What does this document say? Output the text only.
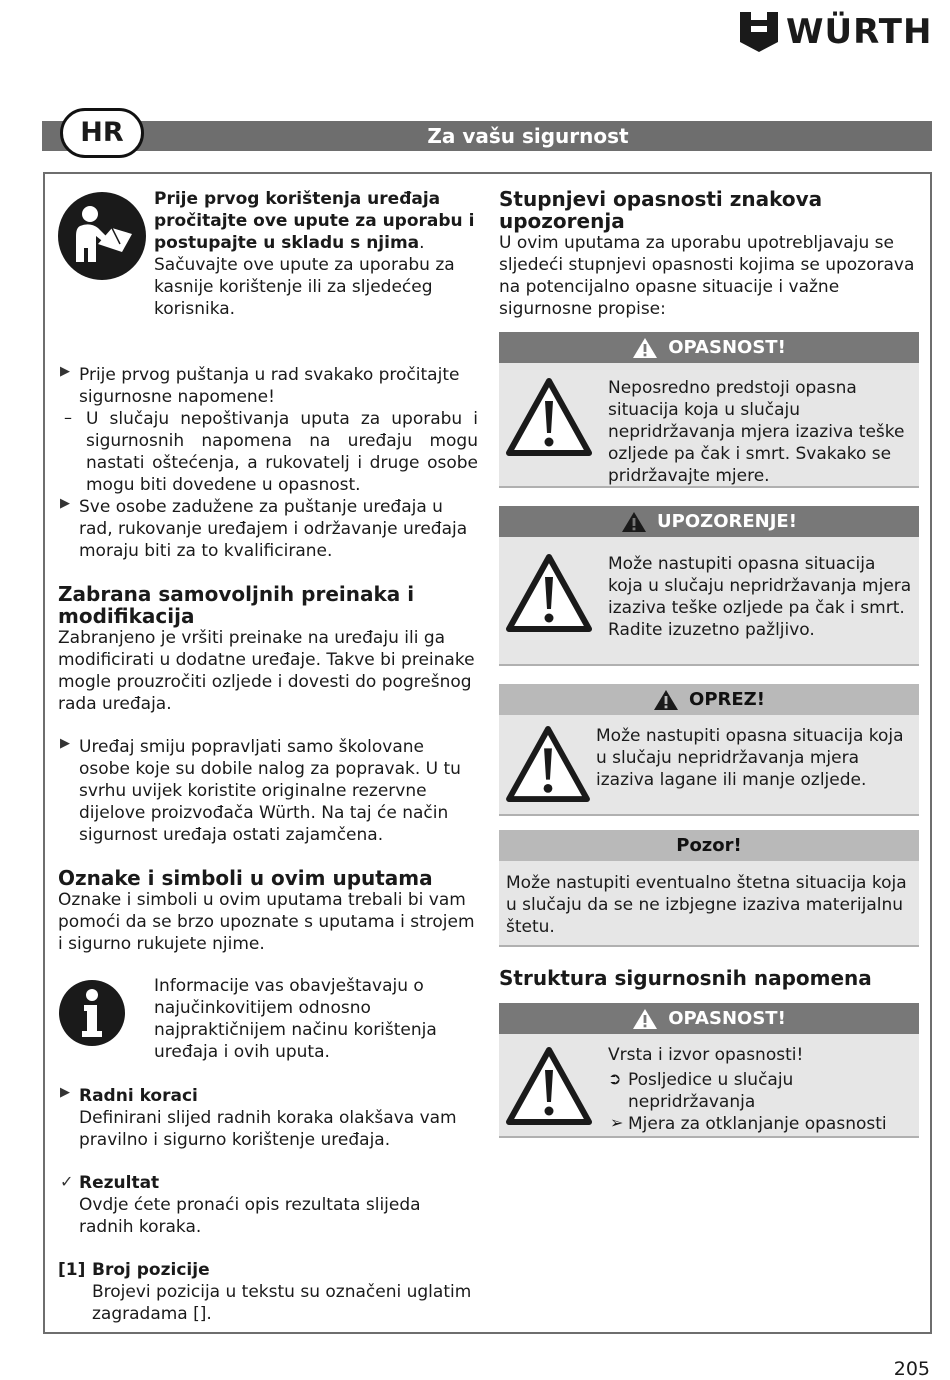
WÜRTH
Za vašu sigurnost
HR

Prije prvog korištenja uređaja pročitajte ove upute za uporabu i postupajte u skladu s njima

.

Sačuvajte ove upute za uporabu za kasnije korištenje ili za sljedećeg korisnika.

▶ Prije prvog puštanja u rad svakako pročitajte sigurnosne napomene!

– U slučaju nepoštivanja uputa za uporabu i sigurnosnih napomena na uređaju mogu nastati oštećenja, a rukovatelj i druge osobe mogu biti dovedene u opasnost.

▶ Sve osobe zadužene za puštanje uređaja u rad, rukovanje uređajem i održavanje uređaja moraju biti za to kvalificirane.

Zabrana samovoljnih preinaka i modifikacija

Zabranjeno je vršiti preinake na uređaju ili ga modificirati u dodatne uređaje. Takve bi preinake mogle prouzročiti ozljede i dovesti do pogrešnog rada uređaja.

▶ Uređaj smiju popravljati samo školovane osobe koje su dobile nalog za popravak. U tu svrhu uvijek koristite originalne rezervne dijelove proizvođača Würth. Na taj će način sigurnost uređaja ostati zajamčena.

Oznake i simboli u ovim uputama

Oznake i simboli u ovim uputama trebali bi vam pomoći da se brzo upoznate s uputama i strojem i sigurno rukujete njime.

Informacije vas obavještavaju o najučinkovitijem odnosno najpraktičnijem načinu korištenja uređaja i ovih uputa.

▶ Radni koraci

Definirani slijed radnih koraka olakšava vam pravilno i sigurno korištenje uređaja.

✓ Rezultat

Ovdje ćete pronaći opis rezultata slijeda radnih koraka.

[1] Broj pozicije

Brojevi pozicija u tekstu su označeni uglatim zagradama [].

Stupnjevi opasnosti znakova upozorenja

U ovim uputama za uporabu upotrebljavaju se sljedeći stupnjevi opasnosti kojima se upozorava na potencijalno opasne situacije i važne sigurnosne propise:

OPASNOST!

Neposredno predstoji opasna situacija koja u slučaju nepridržavanja mjera izaziva teške ozljede pa čak i smrt. Svakako se pridržavajte mjere.

UPOZORENJE!

Može nastupiti opasna situacija koja u slučaju nepridržavanja mjera izaziva teške ozljede pa čak i smrt. Radite izuzetno pažljivo.

OPREZ!

Može nastupiti opasna situacija koja u slučaju nepridržavanja mjera izaziva lagane ili manje ozljede.

Pozor!

Može nastupiti eventualno štetna situacija koja u slučaju da se ne izbjegne izaziva materijalnu štetu.

Struktura sigurnosnih napomena
OPASNOST!

Vrsta i izvor opasnosti!

➲ Posljedice u slučaju nepridržavanja

➢ Mjera za otklanjanje opasnosti

205
